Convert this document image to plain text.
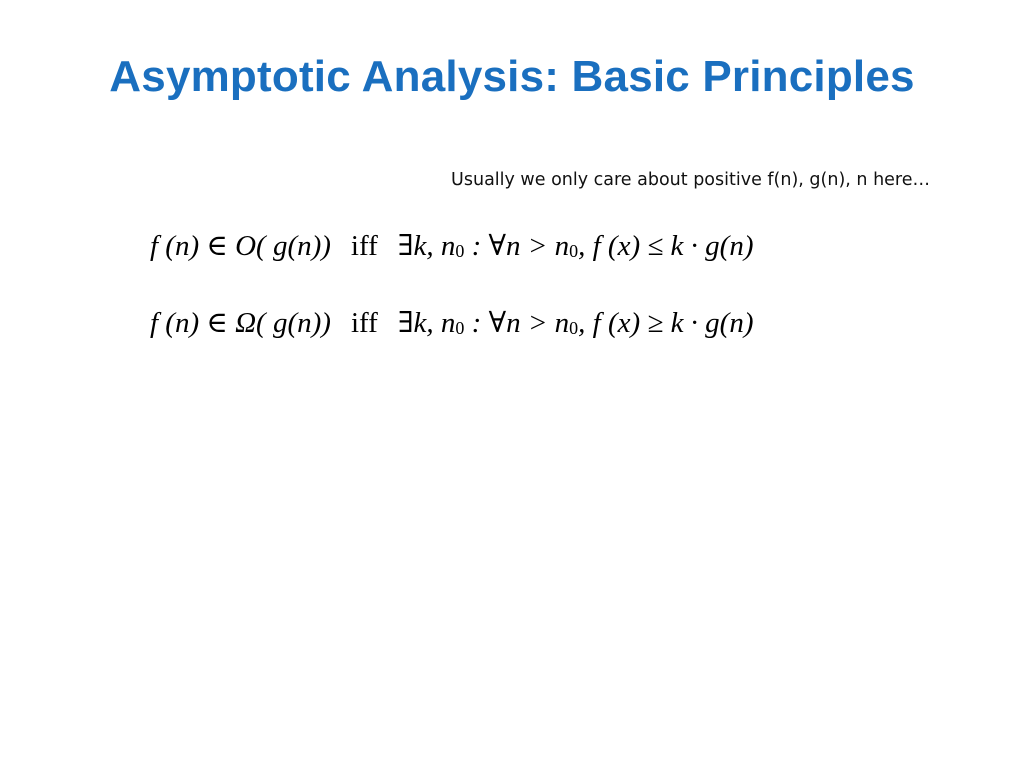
Asymptotic Analysis: Basic Principles
Usually we only care about positive f(n), g(n), n here…
f (n) ∈ O( g(n)) iff ∃k, $n_0$ : ∀n > $n_0$, f (x) ≤ k · g(n)
f (n) ∈ Ω( g(n)) iff ∃k, $n_0$ : ∀n > $n_0$, f (x) ≥ k · g(n)
